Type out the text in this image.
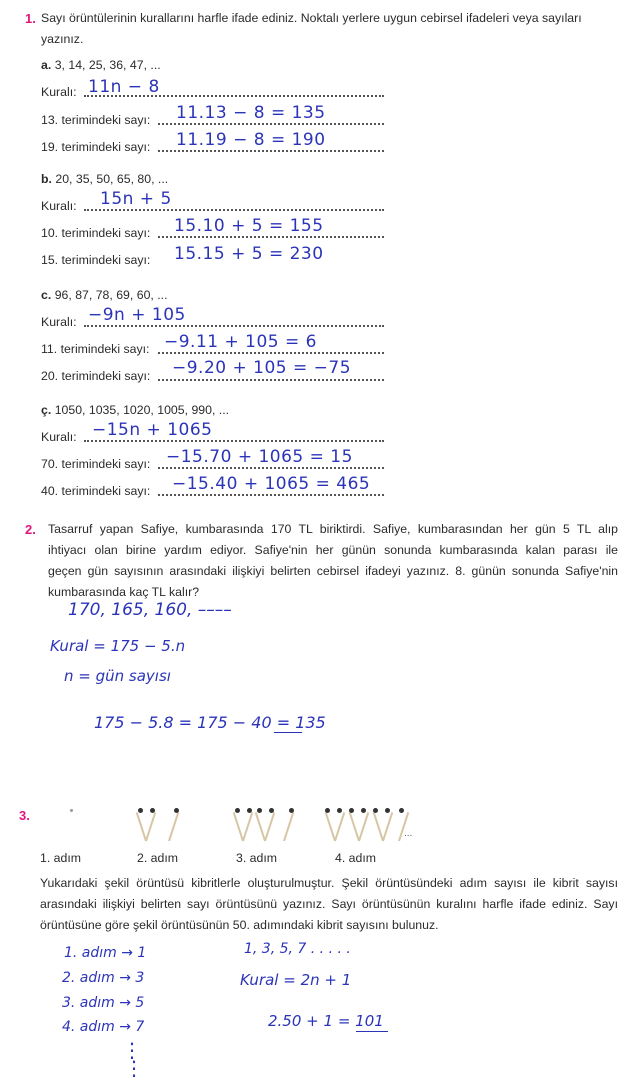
1. Sayı örüntülerinin kurallarını harfle ifade ediniz. Noktalı yerlere uygun cebirsel ifadeleri veya sayıları
yazınız.
a. 3, 14, 25, 36, 47, ...
Kuralı: 11n − 8
13. terimindeki sayı: 11.13 − 8 = 135
19. terimindeki sayı: 11.19 − 8 = 190
b. 20, 35, 50, 65, 80, ...
Kuralı: 15n + 5
10. terimindeki sayı: 15.10 + 5 = 155
15. terimindeki sayı: 15.15 + 5 = 230
c. 96, 87, 78, 69, 60, ...
Kuralı: −9n + 105
11. terimindeki sayı: −9.11 + 105 = 6
20. terimindeki sayı: −9.20 + 105 = −75
ç. 1050, 1035, 1020, 1005, 990, ...
Kuralı: −15n + 1065
70. terimindeki sayı: −15.70 + 1065 = 15
40. terimindeki sayı: −15.40 + 1065 = 465
2. Tasarruf yapan Safiye, kumbarasında 170 TL biriktirdi. Safiye, kumbarasından her gün 5 TL alıp
ihtiyacı olan birine yardım ediyor. Safiye'nin her günün sonunda kumbarasında kalan parası ile
geçen gün sayısının arasındaki ilişkiyi belirten cebirsel ifadeyi yazınız. 8. günün sonunda Safiye'nin
kumbarasında kaç TL kalır?
170, 165, 160, ––––
Kural = 175 − 5.n
n = gün sayısı
175 − 5.8 = 175 − 40 = 135
3.
...
1. adım	2. adım	3. adım	4. adım
Yukarıdaki şekil örüntüsü kibritlerle oluşturulmuştur. Şekil örüntüsündeki adım sayısı ile kibrit sayısı
arasındaki ilişkiyi belirten sayı örüntüsünü yazınız. Sayı örüntüsünün kuralını harfle ifade ediniz. Sayı
örüntüsüne göre şekil örüntüsünün 50. adımındaki kibrit sayısını bulunuz.
1. adım → 1
2. adım → 3
3. adım → 5
4. adım → 7
⋮
⋮
1, 3, 5, 7 . . . . .
Kural = 2n + 1
2.50 + 1 = 101
